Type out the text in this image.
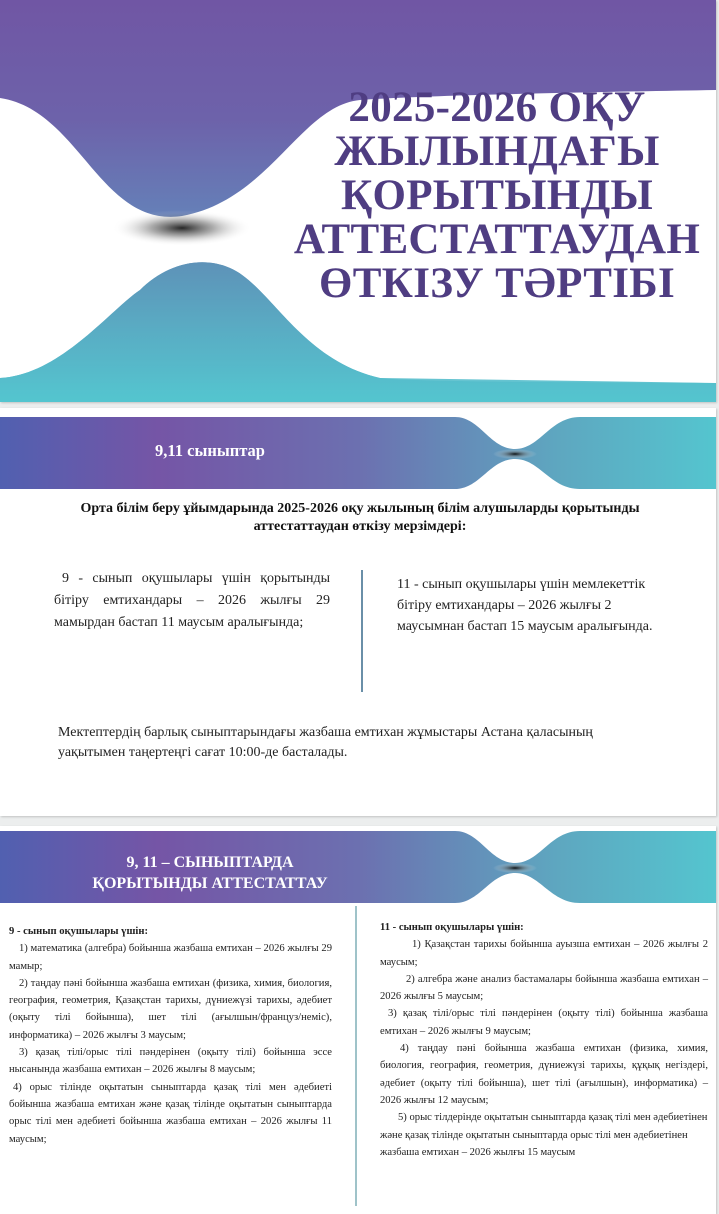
2025-2026 ОҚУ
ЖЫЛЫНДАҒЫ
ҚОРЫТЫНДЫ
АТТЕСТАТТАУДАН
ӨТКІЗУ ТӘРТІБІ
9,11 сыныптар
Орта білім беру ұйымдарында 2025-2026 оқу жылының білім алушыларды қорытынды аттестаттаудан өткізу мерзімдері:
9 - сынып оқушылары үшін қорытынды бітіру емтихандары – 2026 жылғы 29 мамырдан бастап 11 маусым аралығында;
11 - сынып оқушылары үшін мемлекеттік бітіру емтихандары – 2026 жылғы 2 маусымнан бастап 15 маусым аралығында.
Мектептердің барлық сыныптарындағы жазбаша емтихан жұмыстары Астана қаласының уақытымен таңертеңгі сағат 10:00-де басталады.
9, 11 – СЫНЫПТАРДА
ҚОРЫТЫНДЫ АТТЕСТАТТАУ
9 - сынып оқушылары үшін:

1) математика (алгебра) бойынша жазбаша емтихан – 2026 жылғы 29 мамыр;

2) таңдау пәні бойынша жазбаша емтихан (физика, химия, биология, география, геометрия, Қазақстан тарихы, дүниежүзі тарихы, әдебиет (оқыту тілі бойынша), шет тілі (ағылшын/француз/неміс), информатика) – 2026 жылғы 3 маусым;

3) қазақ тілі/орыс тілі пәндерінен (оқыту тілі) бойынша эссе нысанында жазбаша емтихан – 2026 жылғы 8 маусым;

4) орыс тілінде оқытатын сыныптарда қазақ тілі мен әдебиеті бойынша жазбаша емтихан және қазақ тілінде оқытатын сыныптарда орыс тілі мен әдебиеті бойынша жазбаша емтихан – 2026 жылғы 11 маусым;

11 - сынып оқушылары үшін:

1) Қазақстан тарихы бойынша ауызша емтихан – 2026 жылғы 2 маусым;

2) алгебра және анализ бастамалары бойынша жазбаша емтихан – 2026 жылғы 5 маусым;

3) қазақ тілі/орыс тілі пәндерінен (оқыту тілі) бойынша жазбаша емтихан – 2026 жылғы 9 маусым;

4) таңдау пәні бойынша жазбаша емтихан (физика, химия, биология, география, геометрия, дүниежүзі тарихы, құқық негіздері, әдебиет (оқыту тілі бойынша), шет тілі (ағылшын), информатика) – 2026 жылғы 12 маусым;

5) орыс тілдерінде оқытатын сыныптарда қазақ тілі мен әдебиетінен және қазақ тілінде оқытатын сыныптарда орыс тілі мен әдебиетінен жазбаша емтихан – 2026 жылғы 15 маусым
